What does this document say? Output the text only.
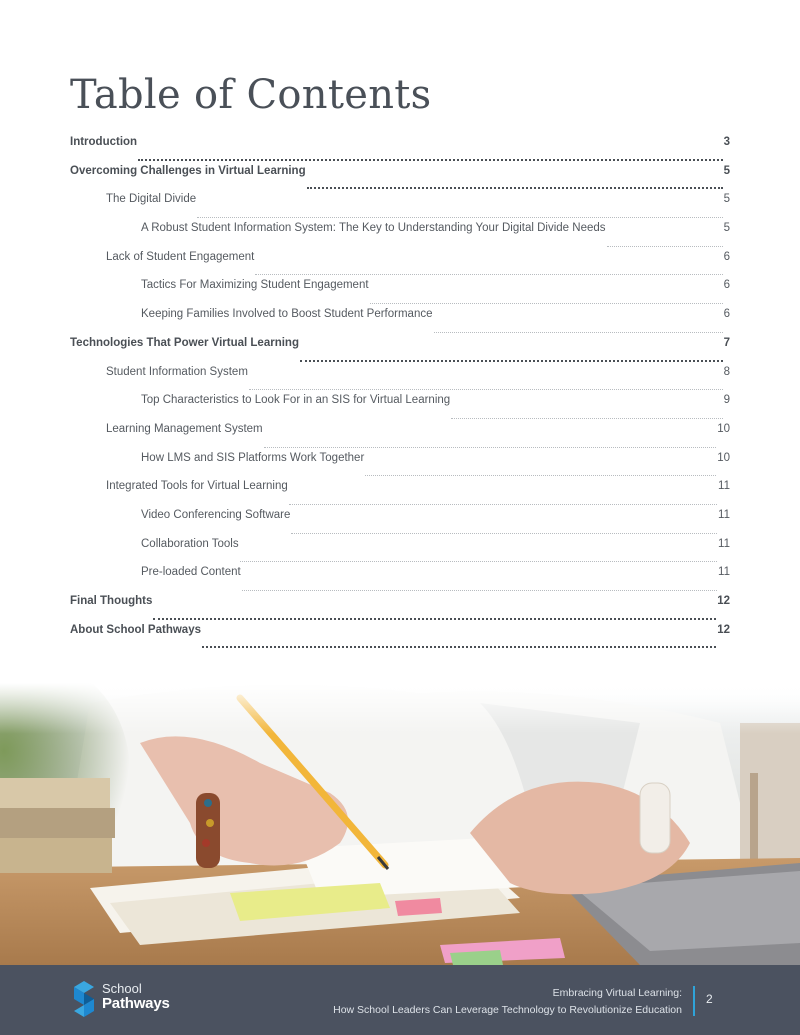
Table of Contents
Introduction	3
Overcoming Challenges in Virtual Learning	5
The Digital Divide	5
A Robust Student Information System: The Key to Understanding Your Digital Divide Needs	5
Lack of Student Engagement	6
Tactics For Maximizing Student Engagement	6
Keeping Families Involved to Boost Student Performance	6
Technologies That Power Virtual Learning	7
Student Information System	8
Top Characteristics to Look For in an SIS for Virtual Learning	9
Learning Management System	10
How LMS and SIS Platforms Work Together	10
Integrated Tools for Virtual Learning	11
Video Conferencing Software	11
Collaboration Tools	11
Pre-loaded Content	11
Final Thoughts	12
About School Pathways	12
School
Pathways
Embracing Virtual Learning:
How School Leaders Can Leverage Technology to Revolutionize Education
2
